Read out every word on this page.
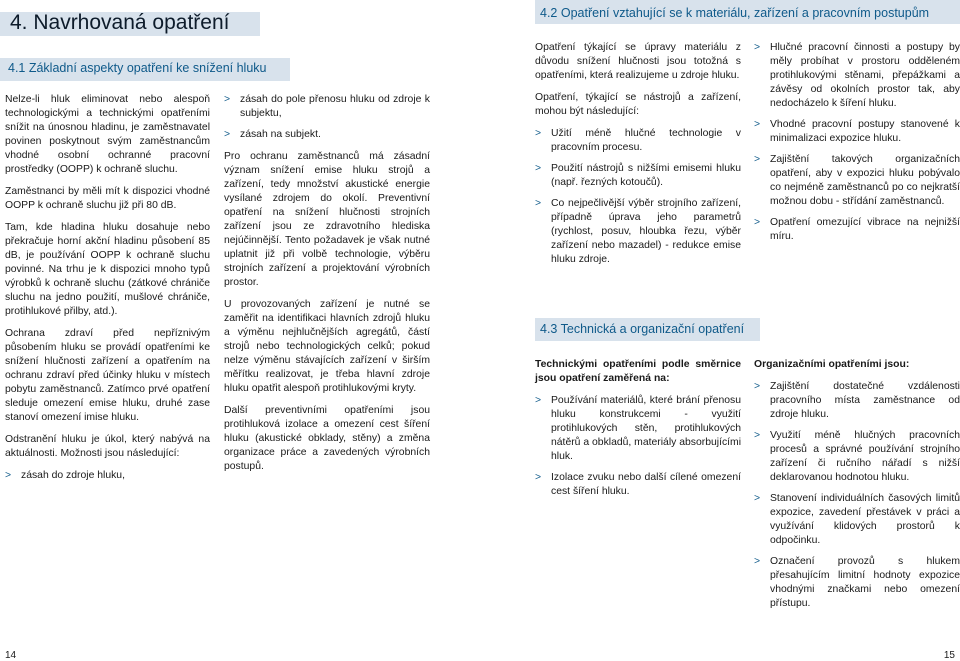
4. Navrhovaná opatření
4.1 Základní aspekty opatření ke snížení hluku
4.2 Opatření vztahující se k materiálu, zařízení a pracovním postupům
4.3 Technická a organizační opatření

Nelze-li hluk eliminovat nebo alespoň technologickými a technickými opatřeními snížit na únosnou hladinu, je zaměstnavatel povinen poskytnout svým zaměstnancům vhodné osobní ochranné pracovní prostředky (OOPP) k ochraně sluchu.

Zaměstnanci by měli mít k dispozici vhodné OOPP k ochraně sluchu již při 80 dB.

Tam, kde hladina hluku dosahuje nebo překračuje horní akční hladinu působení 85 dB, je používání OOPP k ochraně sluchu povinné. Na trhu je k dispozici mnoho typů výrobků k ochraně sluchu (zátkové chrániče sluchu na jedno použití, mušlové chrániče, protihlukové přilby, atd.).

Ochrana zdraví před nepříznivým působením hluku se provádí opatřeními ke snížení hlučnosti zařízení a opatřením na ochranu zdraví před účinky hluku v místech pobytu zaměstnanců. Zatímco prvé opatření sleduje omezení emise hluku, druhé zase stanoví omezení imise hluku.

Odstranění hluku je úkol, který nabývá na aktuálnosti. Možnosti jsou následující:

> zásah do zdroje hluku,
> zásah do pole přenosu hluku od zdroje k subjektu,
> zásah na subjekt.

Pro ochranu zaměstnanců má zásadní význam snížení emise hluku strojů a zařízení, tedy množství akustické energie vysílané zdrojem do okolí. Preventivní opatření na snížení hlučnosti strojních zařízení jsou ze zdravotního hlediska nejúčinnější. Tento požadavek je však nutné uplatnit již při volbě technologie, výběru strojních zařízení a projektování výrobních prostor.

U provozovaných zařízení je nutné se zaměřit na identifikaci hlavních zdrojů hluku a výměnu nejhlučnějších agregátů, částí strojů nebo technologických celků; pokud nelze výměnu stávajících zařízení v širším měřítku realizovat, je třeba hlavní zdroje hluku opatřit alespoň protihlukovými kryty.

Další preventivními opatřeními jsou protihluková izolace a omezení cest šíření hluku (akustické obklady, stěny) a změna organizace práce a zavedených výrobních postupů.

Opatření týkající se úpravy materiálu z důvodu snížení hlučnosti jsou totožná s opatřeními, která realizujeme u zdroje hluku.

Opatření, týkající se nástrojů a zařízení, mohou být následující:

> Užití méně hlučné technologie v pracovním procesu.
> Použití nástrojů s nižšími emisemi hluku (např. řezných kotoučů).
> Co nejpečlivější výběr strojního zařízení, případně úprava jeho parametrů (rychlost, posuv, hloubka řezu, výběr zařízení nebo mazadel) - redukce emise hluku zdroje.

Technickými opatřeními podle směrnice jsou opatření zaměřená na:

> Používání materiálů, které brání přenosu hluku konstrukcemi - využití protihlukových stěn, protihlukových nátěrů a obkladů, materiály absorbujícími hluk.
> Izolace zvuku nebo další cílené omezení cest šíření hluku.
> Hlučné pracovní činnosti a postupy by měly probíhat v prostoru odděleném protihlukovými stěnami, přepážkami a závěsy od okolních prostor tak, aby nedocházelo k šíření hluku.
> Vhodné pracovní postupy stanovené k minimalizaci expozice hluku.
> Zajištění takových organizačních opatření, aby v expozici hluku pobývalo co nejméně zaměstnanců po co nejkratší možnou dobu - střídání zaměstnanců.
> Opatření omezující vibrace na nejnižší míru.

Organizačními opatřeními jsou:

> Zajištění dostatečné vzdálenosti pracovního místa zaměstnance od zdroje hluku.
> Využití méně hlučných pracovních procesů a správné používání strojního zařízení či ručního nářadí s nižší deklarovanou hodnotou hluku.
> Stanovení individuálních časových limitů expozice, zavedení přestávek v práci a využívání klidových prostorů k odpočinku.
> Označení provozů s hlukem přesahujícím limitní hodnoty expozice vhodnými značkami nebo omezení přístupu.
14	15
